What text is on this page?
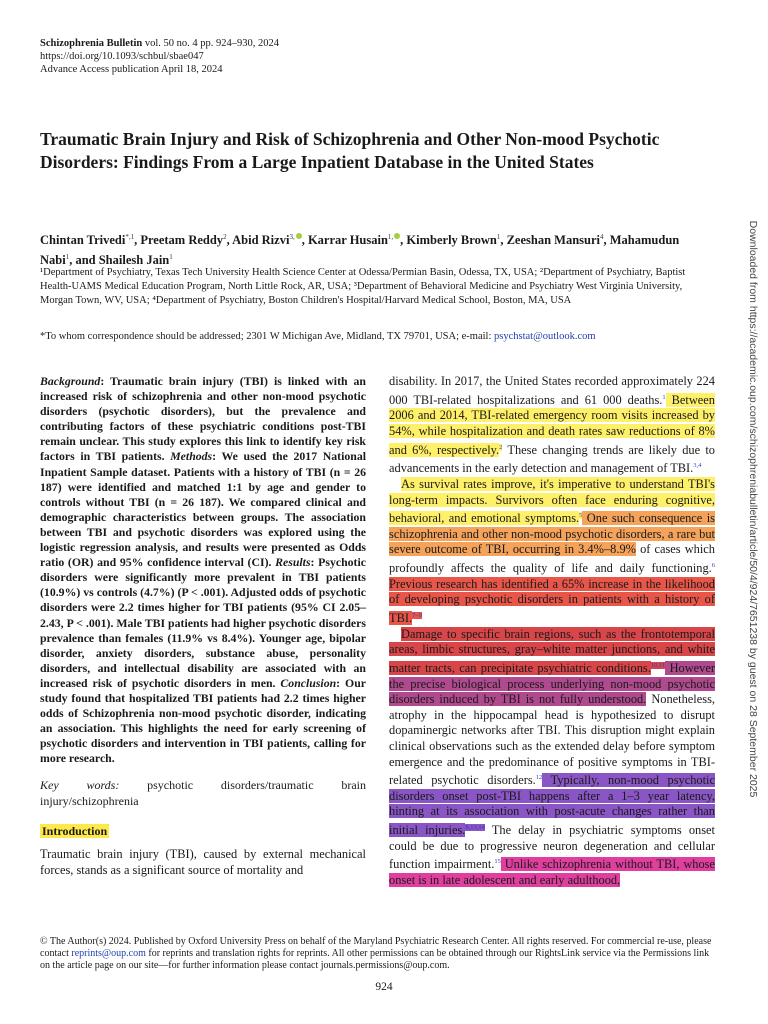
Schizophrenia Bulletin vol. 50 no. 4 pp. 924–930, 2024
https://doi.org/10.1093/schbul/sbae047
Advance Access publication April 18, 2024
Traumatic Brain Injury and Risk of Schizophrenia and Other Non-mood Psychotic Disorders: Findings From a Large Inpatient Database in the United States
Chintan Trivedi$^{*,1}$, Preetam Reddy$^2$, Abid Rizvi$^{3,}$ , Karrar Husain$^{1,}$ , Kimberly Brown$^1$, Zeeshan Mansuri$^4$, Mahamudun Nabi$^1$, and Shailesh Jain$^1$
¹Department of Psychiatry, Texas Tech University Health Science Center at Odessa/Permian Basin, Odessa, TX, USA; ²Department of Psychiatry, Baptist Health-UAMS Medical Education Program, North Little Rock, AR, USA; ³Department of Behavioral Medicine and Psychiatry West Virginia University, Morgan Town, WV, USA; ⁴Department of Psychiatry, Boston Children's Hospital/Harvard Medical School, Boston, MA, USA
*To whom correspondence should be addressed; 2301 W Michigan Ave, Midland, TX 79701, USA; e-mail: psychstat@outlook.com
Background: Traumatic brain injury (TBI) is linked with an increased risk of schizophrenia and other non-mood psychotic disorders (psychotic disorders), but the prevalence and contributing factors of these psychiatric conditions post-TBI remain unclear. This study explores this link to identify key risk factors in TBI patients. Methods: We used the 2017 National Inpatient Sample dataset. Patients with a history of TBI (n = 26 187) were identified and matched 1:1 by age and gender to controls without TBI (n = 26 187). We compared clinical and demographic characteristics between groups. The association between TBI and psychotic disorders was explored using the logistic regression analysis, and results were presented as Odds ratio (OR) and 95% confidence interval (CI). Results: Psychotic disorders were significantly more prevalent in TBI patients (10.9%) vs controls (4.7%) (P < .001). Adjusted odds of psychotic disorders were 2.2 times higher for TBI patients (95% CI 2.05–2.43, P < .001). Male TBI patients had higher psychotic disorders prevalence than females (11.9% vs 8.4%). Younger age, bipolar disorder, anxiety disorders, substance abuse, personality disorders, and intellectual disability are associated with an increased risk of psychotic disorders in men. Conclusion: Our study found that hospitalized TBI patients had 2.2 times higher odds of Schizophrenia non-mood psychotic disorder, indicating an association. This highlights the need for early screening of psychotic disorders and intervention in TBI patients, calling for more research.
Key words: psychotic disorders/traumatic brain injury/schizophrenia
Introduction
Traumatic brain injury (TBI), caused by external mechanical forces, stands as a significant source of mortality and

disability. In 2017, the United States recorded approximately 224 000 TBI-related hospitalizations and 61 000 deaths.$^1$ Between 2006 and 2014, TBI-related emergency room visits increased by 54%, while hospitalization and death rates saw reductions of 8% and 6%, respectively.$^2$ These changing trends are likely due to advancements in the early detection and management of TBI.$^{3,4}$

As survival rates improve, it's imperative to understand TBI's long-term impacts. Survivors often face enduring cognitive, behavioral, and emotional symptoms.$^5$ One such consequence is schizophrenia and other non-mood psychotic disorders, a rare but severe outcome of TBI, occurring in 3.4%–8.9% of cases which profoundly affects the quality of life and daily functioning.$^6$ Previous research has identified a 65% increase in the likelihood of developing psychotic disorders in patients with a history of TBI.$^{7-9}$

Damage to specific brain regions, such as the frontotemporal areas, limbic structures, gray–white matter junctions, and white matter tracts, can precipitate psychiatric conditions.$^{10,11}$ However the precise biological process underlying non-mood psychotic disorders induced by TBI is not fully understood. Nonetheless, atrophy in the hippocampal head is hypothesized to disrupt dopaminergic networks after TBI. This disruption might explain clinical observations such as the extended delay before symptom emergence and the predominance of positive symptoms in TBI-related psychotic disorders.$^{12}$ Typically, non-mood psychotic disorders onset post-TBI happens after a 1–3 year latency, hinting at its association with post-acute changes rather than initial injuries.$^{8,13,14}$ The delay in psychiatric symptoms onset could be due to progressive neuron degeneration and cellular function impairment.$^{15}$ Unlike schizophrenia without TBI, whose onset is in late adolescent and early adulthood,

Downloaded from https://academic.oup.com/schizophreniabulletin/article/50/4/924/7651238 by guest on 28 September 2025
© The Author(s) 2024. Published by Oxford University Press on behalf of the Maryland Psychiatric Research Center. All rights reserved. For commercial re-use, please contact reprints@oup.com for reprints and translation rights for reprints. All other permissions can be obtained through our RightsLink service via the Permissions link on the article page on our site—for further information please contact journals.permissions@oup.com.
924
